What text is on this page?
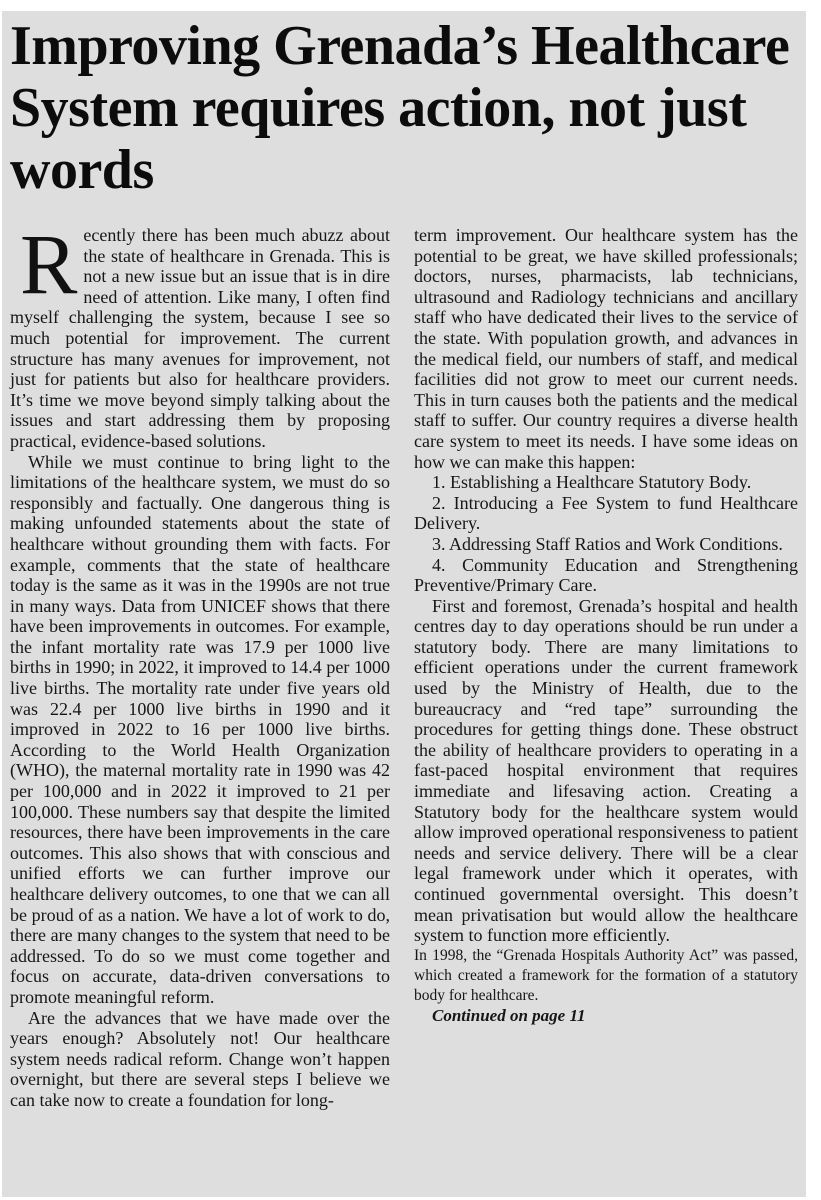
Improving Grenada’s Healthcare System requires action, not just words

Recently there has been much abuzz about the state of healthcare in Grenada. This is not a new issue but an issue that is in dire need of attention. Like many, I often find myself challenging the system, because I see so much potential for improvement. The current structure has many avenues for improvement, not just for patients but also for healthcare providers. It’s time we move beyond simply talking about the issues and start addressing them by proposing practical, evidence-based solutions.

While we must continue to bring light to the limitations of the healthcare system, we must do so responsibly and factually. One dangerous thing is making unfounded statements about the state of healthcare without grounding them with facts. For example, comments that the state of healthcare today is the same as it was in the 1990s are not true in many ways. Data from UNICEF shows that there have been improvements in outcomes. For example, the infant mortality rate was 17.9 per 1000 live births in 1990; in 2022, it improved to 14.4 per 1000 live births. The mortality rate under five years old was 22.4 per 1000 live births in 1990 and it improved in 2022 to 16 per 1000 live births. According to the World Health Organization (WHO), the maternal mortality rate in 1990 was 42 per 100,000 and in 2022 it improved to 21 per 100,000. These numbers say that despite the limited resources, there have been improvements in the care outcomes. This also shows that with conscious and unified efforts we can further improve our healthcare delivery outcomes, to one that we can all be proud of as a nation. We have a lot of work to do, there are many changes to the system that need to be addressed. To do so we must come together and focus on accurate, data-driven conversations to promote meaningful reform.

Are the advances that we have made over the years enough? Absolutely not! Our healthcare system needs radical reform. Change won’t happen overnight, but there are several steps I believe we can take now to create a foundation for long-

term improvement. Our healthcare system has the potential to be great, we have skilled professionals; doctors, nurses, pharmacists, lab technicians, ultrasound and Radiology technicians and ancillary staff who have dedicated their lives to the service of the state. With population growth, and advances in the medical field, our numbers of staff, and medical facilities did not grow to meet our current needs. This in turn causes both the patients and the medical staff to suffer. Our country requires a diverse health care system to meet its needs. I have some ideas on how we can make this happen:

1. Establishing a Healthcare Statutory Body.

2. Introducing a Fee System to fund Healthcare Delivery.

3. Addressing Staff Ratios and Work Conditions.

4. Community Education and Strengthening Preventive/Primary Care.

First and foremost, Grenada’s hospital and health centres day to day operations should be run under a statutory body. There are many limitations to efficient operations under the current framework used by the Ministry of Health, due to the bureaucracy and “red tape” surrounding the procedures for getting things done. These obstruct the ability of healthcare providers to operating in a fast-paced hospital environment that requires immediate and lifesaving action. Creating a Statutory body for the healthcare system would allow improved operational responsiveness to patient needs and service delivery. There will be a clear legal framework under which it operates, with continued governmental oversight. This doesn’t mean privatisation but would allow the healthcare system to function more efficiently.

In 1998, the “Grenada Hospitals Authority Act” was passed, which created a framework for the formation of a statutory body for healthcare.

Continued on page 11
